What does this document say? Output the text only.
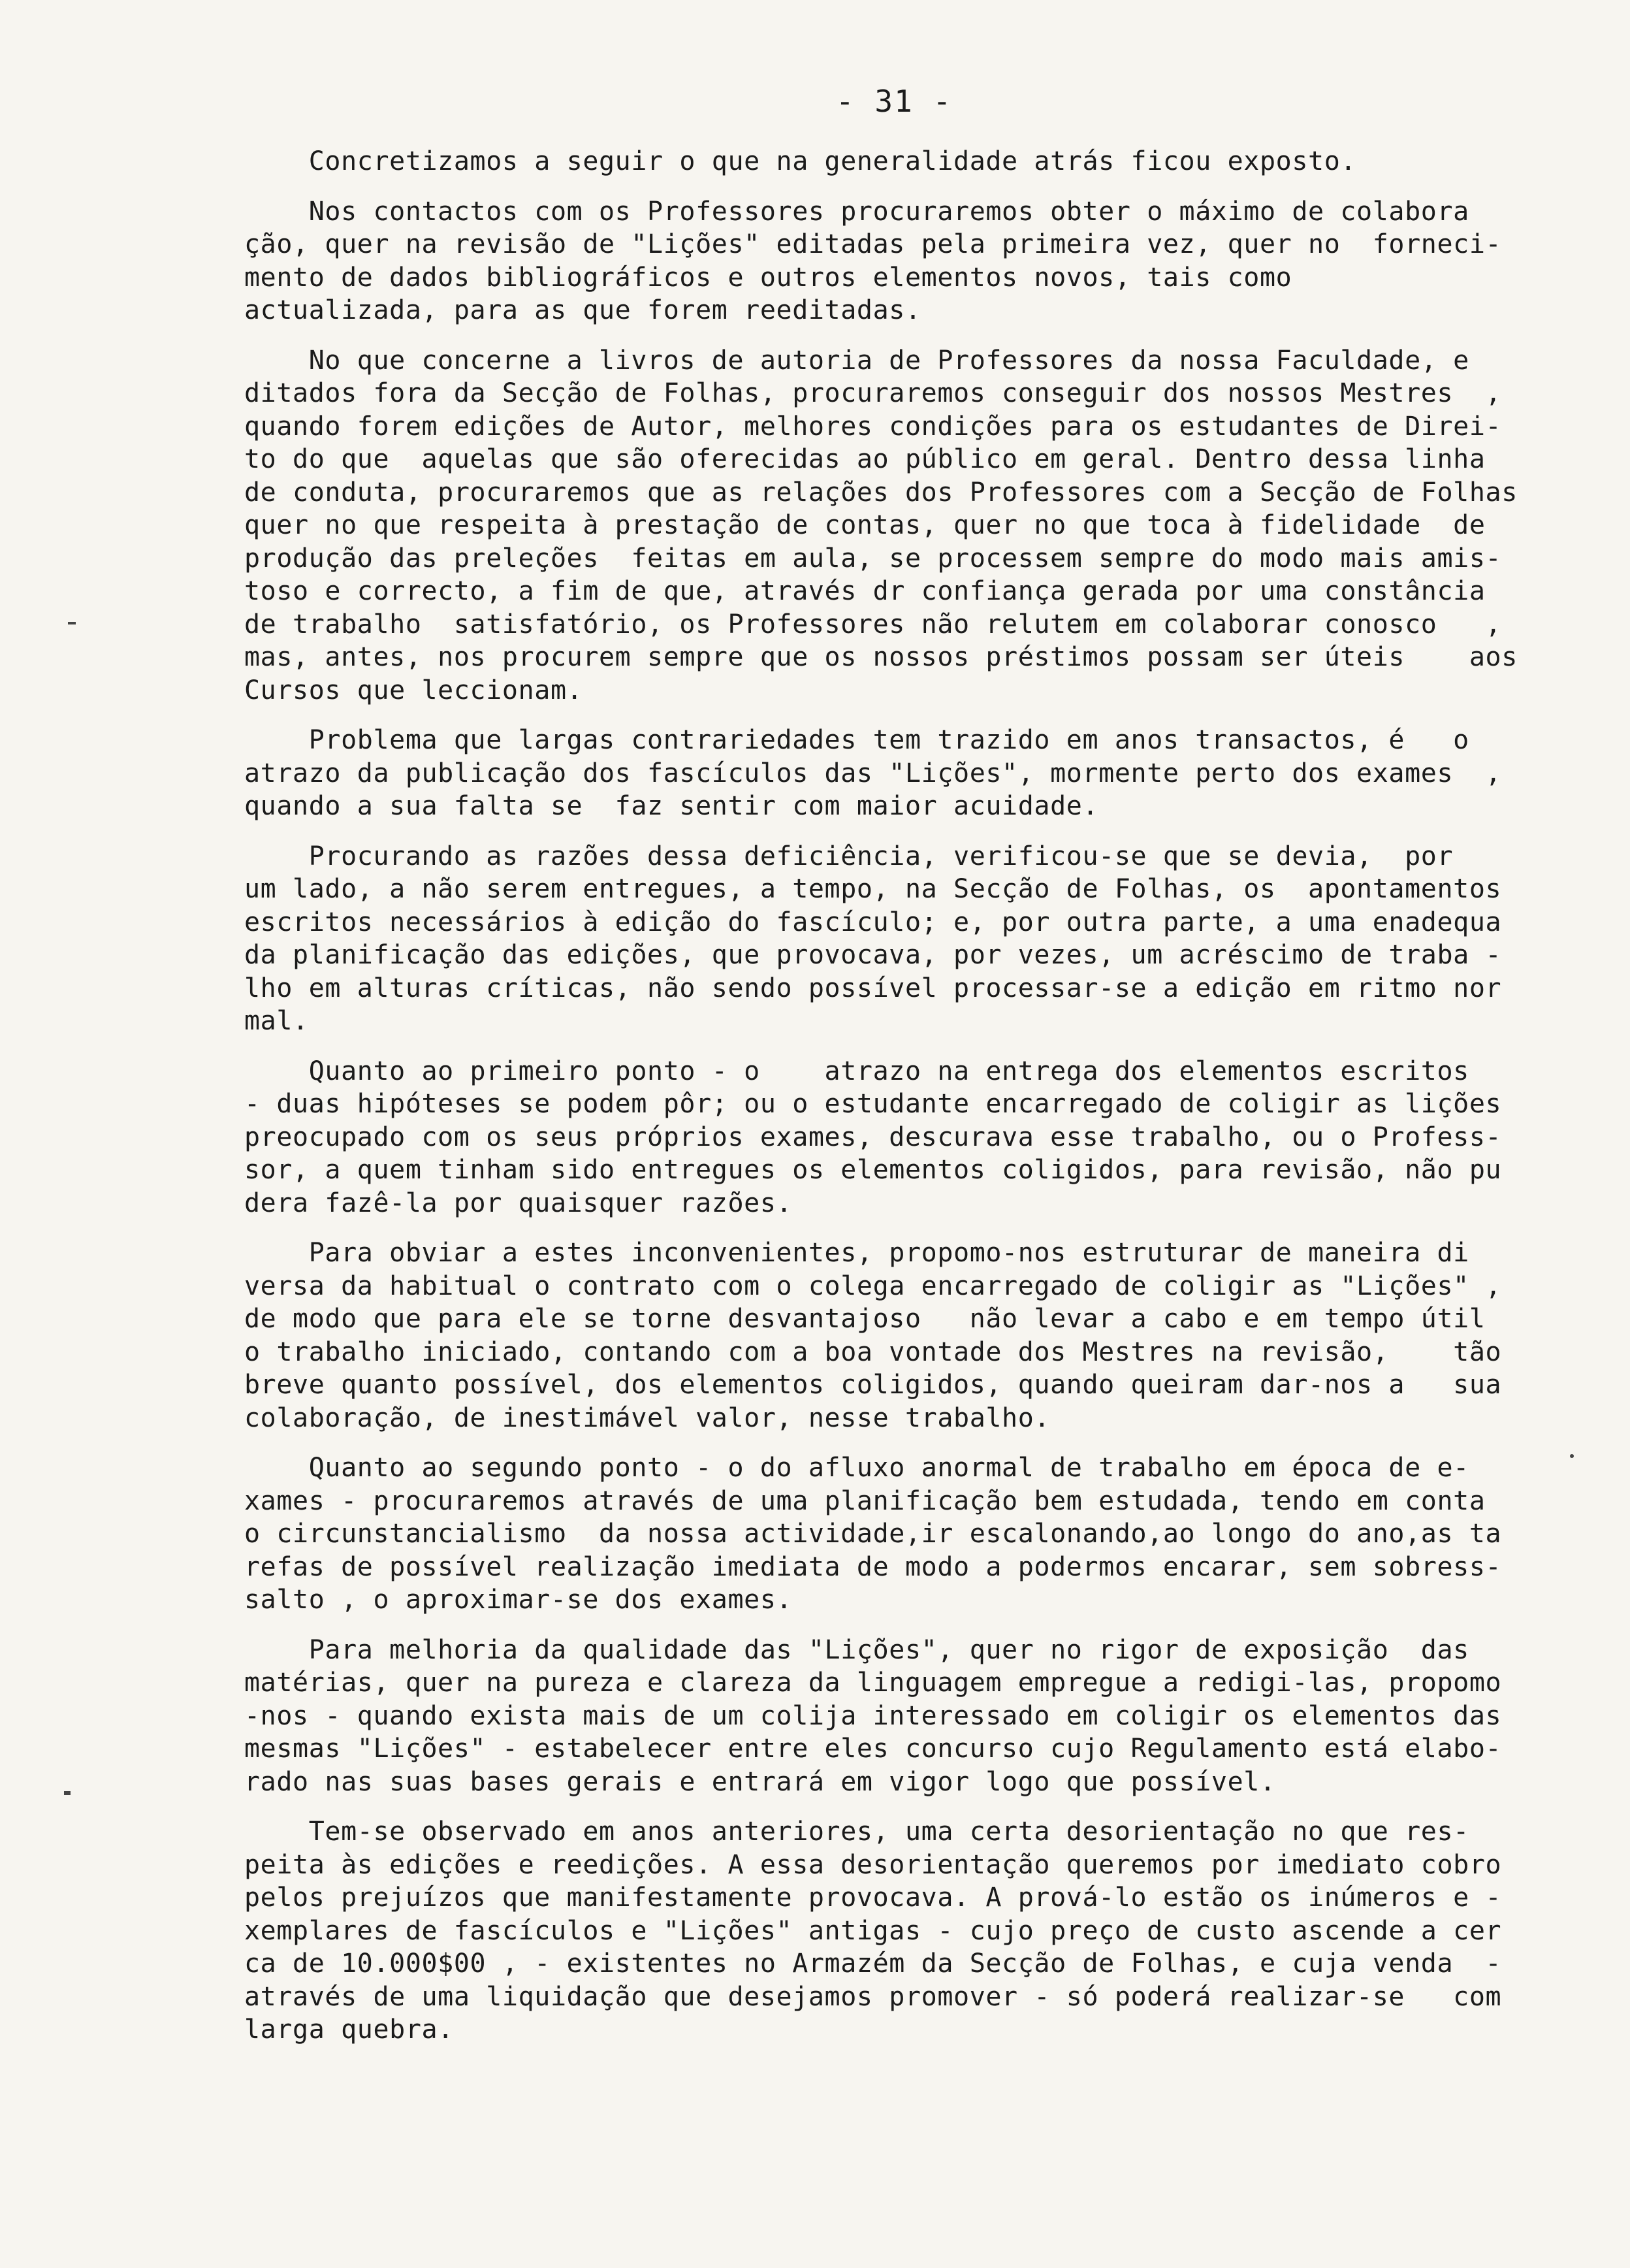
- 31 -
Concretizamos a seguir o que na generalidade atrás ficou exposto.
Nos contactos com os Professores procuraremos obter o máximo de colabora
ção, quer na revisão de "Lições" editadas pela primeira vez, quer no  forneci-
mento de dados bibliográficos e outros elementos novos, tais como
actualizada, para as que forem reeditadas.
No que concerne a livros de autoria de Professores da nossa Faculdade, e
ditados fora da Secção de Folhas, procuraremos conseguir dos nossos Mestres  ,
quando forem edições de Autor, melhores condições para os estudantes de Direi-
to do que  aquelas que são oferecidas ao público em geral. Dentro dessa linha
de conduta, procuraremos que as relações dos Professores com a Secção de Folhas
quer no que respeita à prestação de contas, quer no que toca à fidelidade  de
produção das preleções  feitas em aula, se processem sempre do modo mais amis-
toso e correcto, a fim de que, através dr confiança gerada por uma constância
de trabalho  satisfatório, os Professores não relutem em colaborar conosco   ,
mas, antes, nos procurem sempre que os nossos préstimos possam ser úteis    aos
Cursos que leccionam.
Problema que largas contrariedades tem trazido em anos transactos, é   o
atrazo da publicação dos fascículos das "Lições", mormente perto dos exames  ,
quando a sua falta se  faz sentir com maior acuidade.
Procurando as razões dessa deficiência, verificou-se que se devia,  por
um lado, a não serem entregues, a tempo, na Secção de Folhas, os  apontamentos
escritos necessários à edição do fascículo; e, por outra parte, a uma enadequa
da planificação das edições, que provocava, por vezes, um acréscimo de traba -
lho em alturas críticas, não sendo possível processar-se a edição em ritmo nor
mal.
Quanto ao primeiro ponto - o    atrazo na entrega dos elementos escritos
- duas hipóteses se podem pôr; ou o estudante encarregado de coligir as lições
preocupado com os seus próprios exames, descurava esse trabalho, ou o Profess-
sor, a quem tinham sido entregues os elementos coligidos, para revisão, não pu
dera fazê-la por quaisquer razões.
Para obviar a estes inconvenientes, propomo-nos estruturar de maneira di
versa da habitual o contrato com o colega encarregado de coligir as "Lições" ,
de modo que para ele se torne desvantajoso   não levar a cabo e em tempo útil
o trabalho iniciado, contando com a boa vontade dos Mestres na revisão,    tão
breve quanto possível, dos elementos coligidos, quando queiram dar-nos a   sua
colaboração, de inestimável valor, nesse trabalho.
Quanto ao segundo ponto - o do afluxo anormal de trabalho em época de e-
xames - procuraremos através de uma planificação bem estudada, tendo em conta
o circunstancialismo  da nossa actividade,ir escalonando,ao longo do ano,as ta
refas de possível realização imediata de modo a podermos encarar, sem sobress-
salto , o aproximar-se dos exames.
Para melhoria da qualidade das "Lições", quer no rigor de exposição  das
matérias, quer na pureza e clareza da linguagem empregue a redigi-las, propomo
-nos - quando exista mais de um colija interessado em coligir os elementos das
mesmas "Lições" - estabelecer entre eles concurso cujo Regulamento está elabo-
rado nas suas bases gerais e entrará em vigor logo que possível.
Tem-se observado em anos anteriores, uma certa desorientação no que res-
peita às edições e reedições. A essa desorientação queremos por imediato cobro
pelos prejuízos que manifestamente provocava. A prová-lo estão os inúmeros e -
xemplares de fascículos e "Lições" antigas - cujo preço de custo ascende a cer
ca de 10.000$00 , - existentes no Armazém da Secção de Folhas, e cuja venda  -
através de uma liquidação que desejamos promover - só poderá realizar-se   com
larga quebra.
